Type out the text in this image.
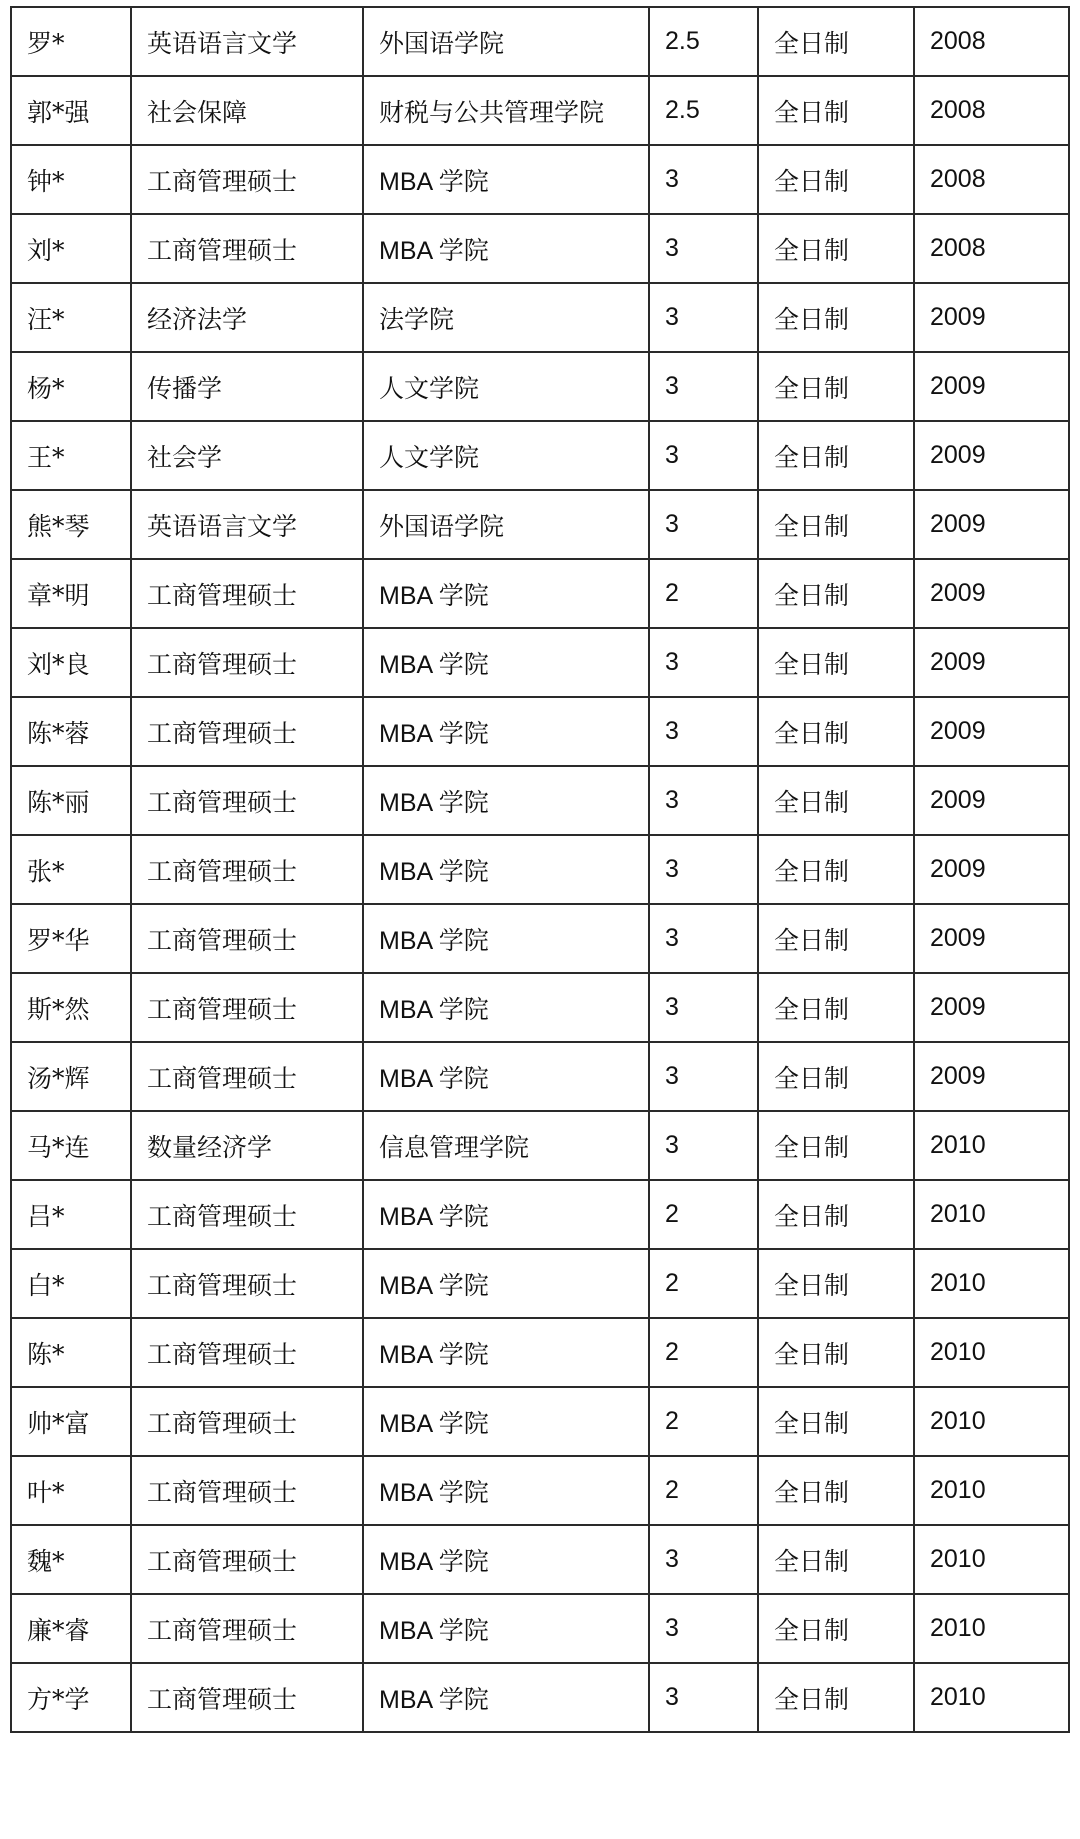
罗*	英语语言文学	外国语学院	2.5	全日制	2008
郭*强	社会保障	财税与公共管理学院	2.5	全日制	2008
钟*	工商管理硕士	MBA 学院	3	全日制	2008
刘*	工商管理硕士	MBA 学院	3	全日制	2008
汪*	经济法学	法学院	3	全日制	2009
杨*	传播学	人文学院	3	全日制	2009
王*	社会学	人文学院	3	全日制	2009
熊*琴	英语语言文学	外国语学院	3	全日制	2009
章*明	工商管理硕士	MBA 学院	2	全日制	2009
刘*良	工商管理硕士	MBA 学院	3	全日制	2009
陈*蓉	工商管理硕士	MBA 学院	3	全日制	2009
陈*丽	工商管理硕士	MBA 学院	3	全日制	2009
张*	工商管理硕士	MBA 学院	3	全日制	2009
罗*华	工商管理硕士	MBA 学院	3	全日制	2009
斯*然	工商管理硕士	MBA 学院	3	全日制	2009
汤*辉	工商管理硕士	MBA 学院	3	全日制	2009
马*连	数量经济学	信息管理学院	3	全日制	2010
吕*	工商管理硕士	MBA 学院	2	全日制	2010
白*	工商管理硕士	MBA 学院	2	全日制	2010
陈*	工商管理硕士	MBA 学院	2	全日制	2010
帅*富	工商管理硕士	MBA 学院	2	全日制	2010
叶*	工商管理硕士	MBA 学院	2	全日制	2010
魏*	工商管理硕士	MBA 学院	3	全日制	2010
廉*睿	工商管理硕士	MBA 学院	3	全日制	2010
方*学	工商管理硕士	MBA 学院	3	全日制	2010
